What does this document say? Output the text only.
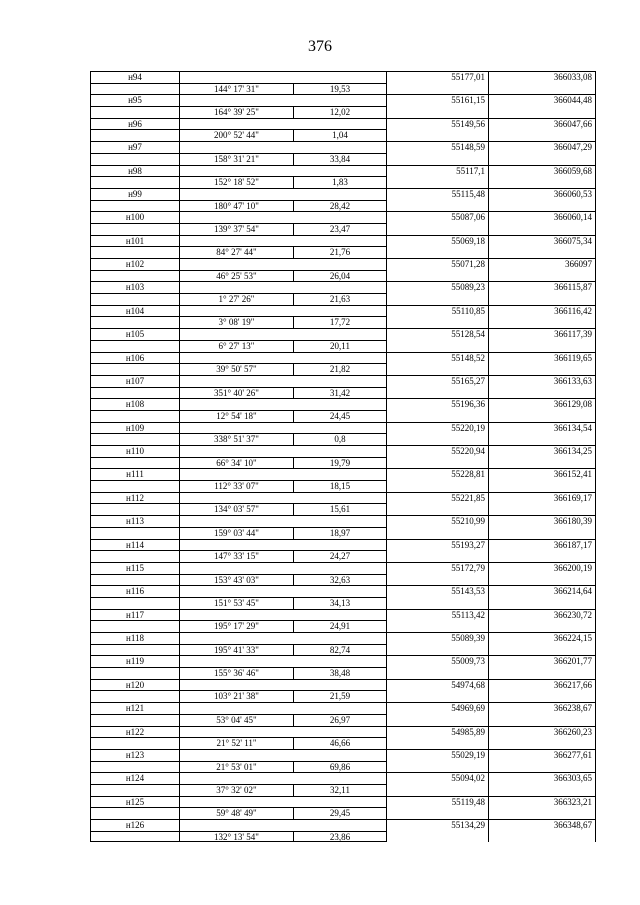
376
н94	55177,01	366033,08
144° 17' 31"	19,53
н95	55161,15	366044,48
164° 39' 25"	12,02
н96	55149,56	366047,66
200° 52' 44"	1,04
н97	55148,59	366047,29
158° 31' 21"	33,84
н98	55117,1	366059,68
152° 18' 52"	1,83
н99	55115,48	366060,53
180° 47' 10"	28,42
н100	55087,06	366060,14
139° 37' 54"	23,47
н101	55069,18	366075,34
84° 27' 44"	21,76
н102	55071,28	366097
46° 25' 53"	26,04
н103	55089,23	366115,87
1° 27' 26"	21,63
н104	55110,85	366116,42
3° 08' 19"	17,72
н105	55128,54	366117,39
6° 27' 13"	20,11
н106	55148,52	366119,65
39° 50' 57"	21,82
н107	55165,27	366133,63
351° 40' 26"	31,42
н108	55196,36	366129,08
12° 54' 18"	24,45
н109	55220,19	366134,54
338° 51' 37"	0,8
н110	55220,94	366134,25
66° 34' 10"	19,79
н111	55228,81	366152,41
112° 33' 07"	18,15
н112	55221,85	366169,17
134° 03' 57"	15,61
н113	55210,99	366180,39
159° 03' 44"	18,97
н114	55193,27	366187,17
147° 33' 15"	24,27
н115	55172,79	366200,19
153° 43' 03"	32,63
н116	55143,53	366214,64
151° 53' 45"	34,13
н117	55113,42	366230,72
195° 17' 29"	24,91
н118	55089,39	366224,15
195° 41' 33"	82,74
н119	55009,73	366201,77
155° 36' 46"	38,48
н120	54974,68	366217,66
103° 21' 38"	21,59
н121	54969,69	366238,67
53° 04' 45"	26,97
н122	54985,89	366260,23
21° 52' 11"	46,66
н123	55029,19	366277,61
21° 53' 01"	69,86
н124	55094,02	366303,65
37° 32' 02"	32,11
н125	55119,48	366323,21
59° 48' 49"	29,45
н126	55134,29	366348,67
132° 13' 54"	23,86
